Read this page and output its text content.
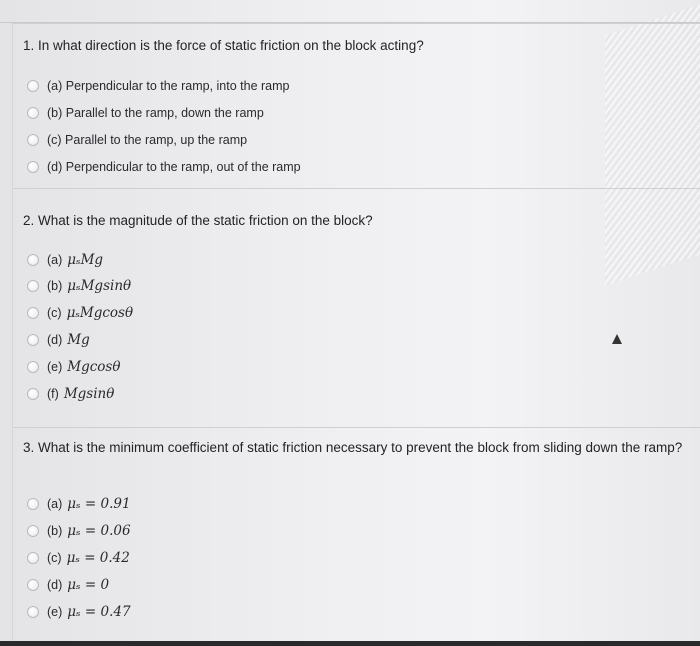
1. In what direction is the force of static friction on the block acting?
(a) Perpendicular to the ramp, into the ramp
(b) Parallel to the ramp, down the ramp
(c) Parallel to the ramp, up the ramp
(d) Perpendicular to the ramp, out of the ramp
2. What is the magnitude of the static friction on the block?
(a) μₛMg
(b) μₛMgsinθ
(c) μₛMgcosθ
(d) Mg
(e) Mgcosθ
(f) Mgsinθ
3. What is the minimum coefficient of static friction necessary to prevent the block from sliding down the ramp?
(a) μₛ = 0.91
(b) μₛ = 0.06
(c) μₛ = 0.42
(d) μₛ = 0
(e) μₛ = 0.47
